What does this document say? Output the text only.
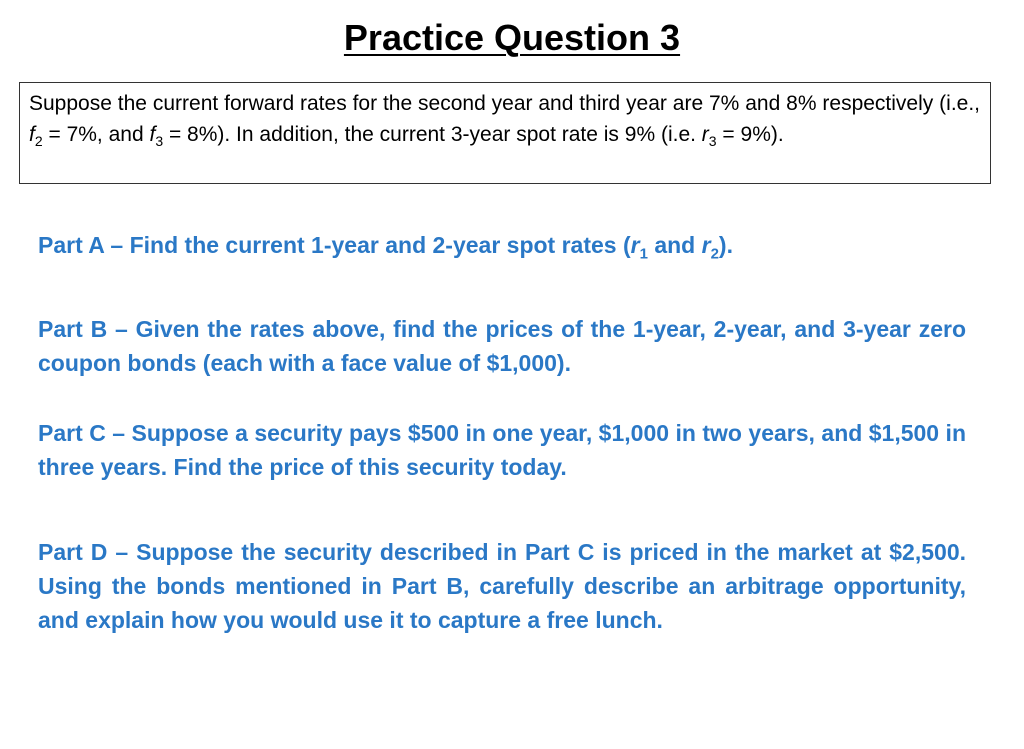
Practice Question 3
Suppose the current forward rates for the second year and third year are 7% and 8% respectively (i.e., $f_2 = 7\%$, and $f_3 = 8\%$). In addition, the current 3-year spot rate is 9% (i.e. $r_3 = 9\%$).
Part A – Find the current 1-year and 2-year spot rates ($r_1$ and $r_2$).
Part B – Given the rates above, find the prices of the 1-year, 2-year, and 3-year zero coupon bonds (each with a face value of $1,000).
Part C – Suppose a security pays $500 in one year, $1,000 in two years, and $1,500 in three years. Find the price of this security today.
Part D – Suppose the security described in Part C is priced in the market at $2,500. Using the bonds mentioned in Part B, carefully describe an arbitrage opportunity, and explain how you would use it to capture a free lunch.
